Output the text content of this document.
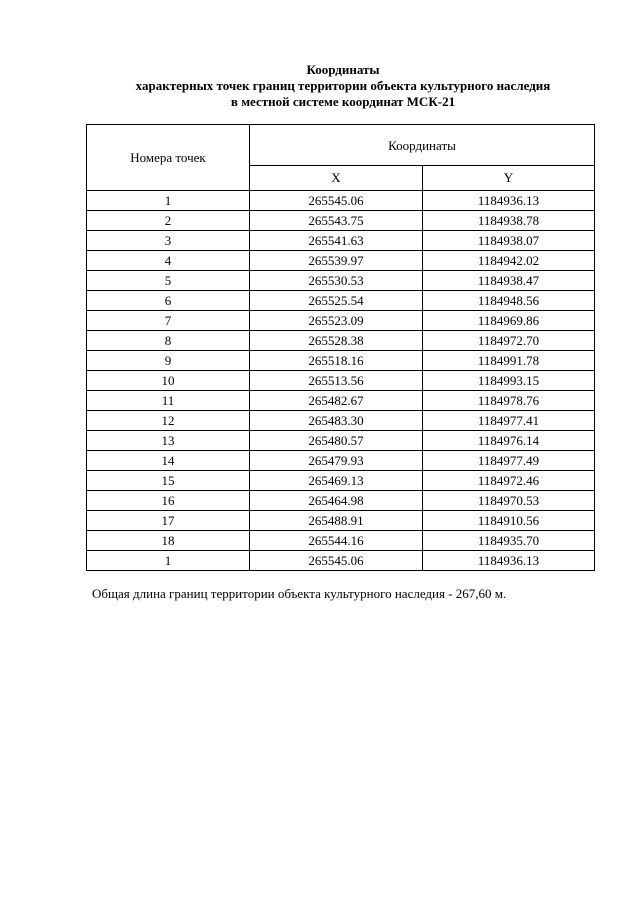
Координаты
характерных точек границ территории объекта культурного наследия
в местной системе координат МСК-21
Номера точек	Координаты	
	X	Y
1	265545.06	1184936.13
2	265543.75	1184938.78
3	265541.63	1184938.07
4	265539.97	1184942.02
5	265530.53	1184938.47
6	265525.54	1184948.56
7	265523.09	1184969.86
8	265528.38	1184972.70
9	265518.16	1184991.78
10	265513.56	1184993.15
11	265482.67	1184978.76
12	265483.30	1184977.41
13	265480.57	1184976.14
14	265479.93	1184977.49
15	265469.13	1184972.46
16	265464.98	1184970.53
17	265488.91	1184910.56
18	265544.16	1184935.70
1	265545.06	1184936.13
Общая длина границ территории объекта культурного наследия - 267,60 м.
